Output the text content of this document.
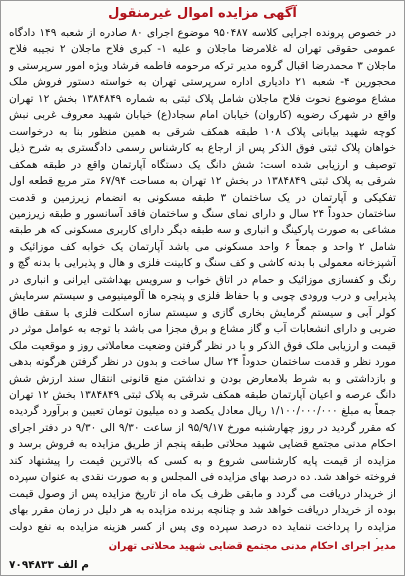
آگهی مزایده اموال غیرمنقول
در خصوص پرونده اجرایی کلاسه ۹۵۰۴۸۷ موضوع اجرای ۸۰ صادره از شعبه ۱۴۹ دادگاه عمومی حقوقی تهران له غلامرضا ماجلان و علیه ۱- کبری فلاح ماجلان ۲ نجیبه فلاح ماجلان ۳ محمدرضا اقبال گروه مدیر ترکه مرحومه فاطمه فرشاد ویژه امور سرپرستی و محجورین ۴- شعبه ۲۱ دادیاری اداره سرپرستی تهران به خواسته دستور فروش ملک مشاع موضوع نحوت فلاح ماجلان شامل پلاک ثبتی به شماره ۱۳۸۴۸۴۹ بخش ۱۲ تهران واقع در شهرک رضویه (کاروان) خیابان امام سجاد(ع) خیابان شهید معروف غربی نبش کوچه شهید بیابانی پلاک ۱۰۸ طبقه همکف شرقی به همین منظور بنا به درخواست خواهان پلاک ثبتی فوق الذکر پس از ارجاع به کارشناس رسمی دادگستری به شرح ذیل توصیف و ارزیابی شده است: شش دانگ یک دستگاه آپارتمان واقع در طبقه همکف شرقی به پلاک ثبتی ۱۳۸۴۸۴۹ در بخش ۱۲ تهران به مساحت ۶۷/۹۴ متر مربع قطعه اول تفکیکی و آپارتمان در یک ساختمان ۳ طبقه مسکونی به انضمام زیرزمین و قدمت ساختمان حدوداً ۲۴ سال و دارای نمای سنگ و ساختمان فاقد آسانسور و طبقه زیرزمین مشاعی به صورت پارکینگ و انباری و سه طبقه دیگر دارای کاربری مسکونی که هر طبقه شامل ۲ واحد و جمعاً ۶ واحد مسکونی می باشد آپارتمان یک خوابه کف موزائیک و آشپزخانه معمولی با بدنه کاشی و کف سنگ و کابینت فلزی و هال و پذیرایی با بدنه گچ و رنگ و کفسازی موزائیک و حمام در اتاق خواب و سرویس بهداشتی ایرانی و انباری در پذیرایی و درب ورودی چوبی و با حفاظ فلزی و پنجره ها آلومینیومی و سیستم سرمایش کولر آبی و سیستم گرمایش بخاری گازی و سیستم سازه اسکلت فلزی با سقف طاق ضربی و دارای انشعابات آب و گاز مشاع و برق مجزا می باشد با توجه به عوامل موثر در قیمت و ارزیابی ملک فوق الذکر و با در نظر گرفتن وضعیت معاملاتی روز و موقعیت ملک مورد نظر و قدمت ساختمان حدوداً ۲۴ سال ساخت و بدون در نظر گرفتن هرگونه بدهی و بازداشتی و به شرط بلامعارض بودن و نداشتن منع قانونی انتقال سند ارزش شش دانگ عرصه و اعیان آپارتمان طبقه همکف شرقی به پلاک ثبتی ۱۳۸۴۸۴۹ بخش ۱۲ تهران جمعاً به مبلغ ۱/۱۰۰/۰۰۰/۰۰۰ ریال معادل یکصد و ده میلیون تومان تعیین و برآورد گردیده که مقرر گردید در روز چهارشنبه مورخ ۹۵/۹/۱۷ از ساعت ۹/۳۰ الی ۹/۳۰ در دفتر اجرای احکام مدنی مجتمع قضایی شهید محلاتی طبقه پنجم از طریق مزایده به فروش برسد و مزایده از قیمت پایه کارشناسی شروع و به کسی که بالاترین قیمت را پیشنهاد کند فروخته خواهد شد. ده درصد بهای مزایده فی المجلس و به صورت نقدی به عنوان سپرده از خریدار دریافت می گردد و مابقی ظرف یک ماه از تاریخ مزایده پس از وصول قیمت بوده از خریدار دریافت خواهد شد و چنانچه برنده مزایده به هر دلیل در زمان مقرر بهای مزایده را پرداخت ننماید ده درصد سپرده وی پس از کسر هزینه مزایده به نفع دولت
مدیر اجرای احکام مدنی مجتمع قضایی شهید محلاتی تهران
م الف ۷۰۹۴۸۳۳
